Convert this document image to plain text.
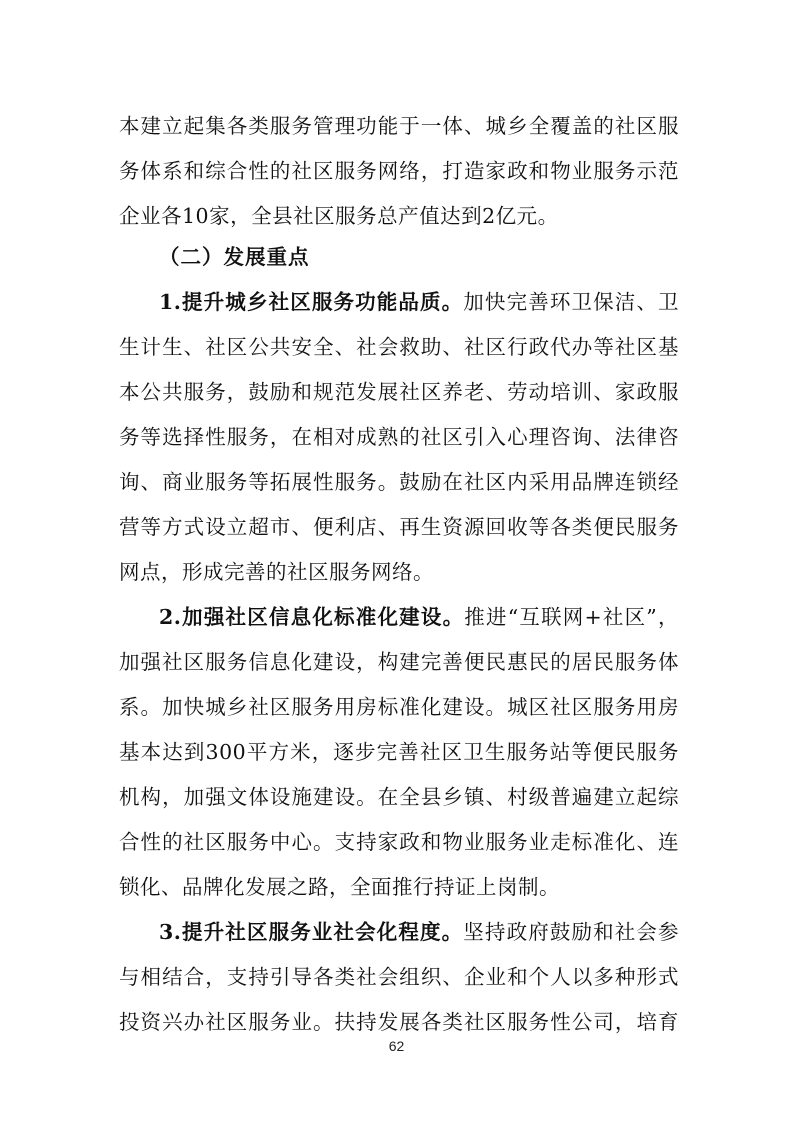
本建立起集各类服务管理功能于一体、城乡全覆盖的社区服
务体系和综合性的社区服务网络，打造家政和物业服务示范
企业各10家，全县社区服务总产值达到2亿元。
（二）发展重点
1.提升城乡社区服务功能品质。加快完善环卫保洁、卫
生计生、社区公共安全、社会救助、社区行政代办等社区基
本公共服务，鼓励和规范发展社区养老、劳动培训、家政服
务等选择性服务，在相对成熟的社区引入心理咨询、法律咨
询、商业服务等拓展性服务。鼓励在社区内采用品牌连锁经
营等方式设立超市、便利店、再生资源回收等各类便民服务
网点，形成完善的社区服务网络。
2.加强社区信息化标准化建设。推进“互联网+社区”，
加强社区服务信息化建设，构建完善便民惠民的居民服务体
系。加快城乡社区服务用房标准化建设。城区社区服务用房
基本达到300平方米，逐步完善社区卫生服务站等便民服务
机构，加强文体设施建设。在全县乡镇、村级普遍建立起综
合性的社区服务中心。支持家政和物业服务业走标准化、连
锁化、品牌化发展之路，全面推行持证上岗制。
3.提升社区服务业社会化程度。坚持政府鼓励和社会参
与相结合，支持引导各类社会组织、企业和个人以多种形式
投资兴办社区服务业。扶持发展各类社区服务性公司，培育
62
